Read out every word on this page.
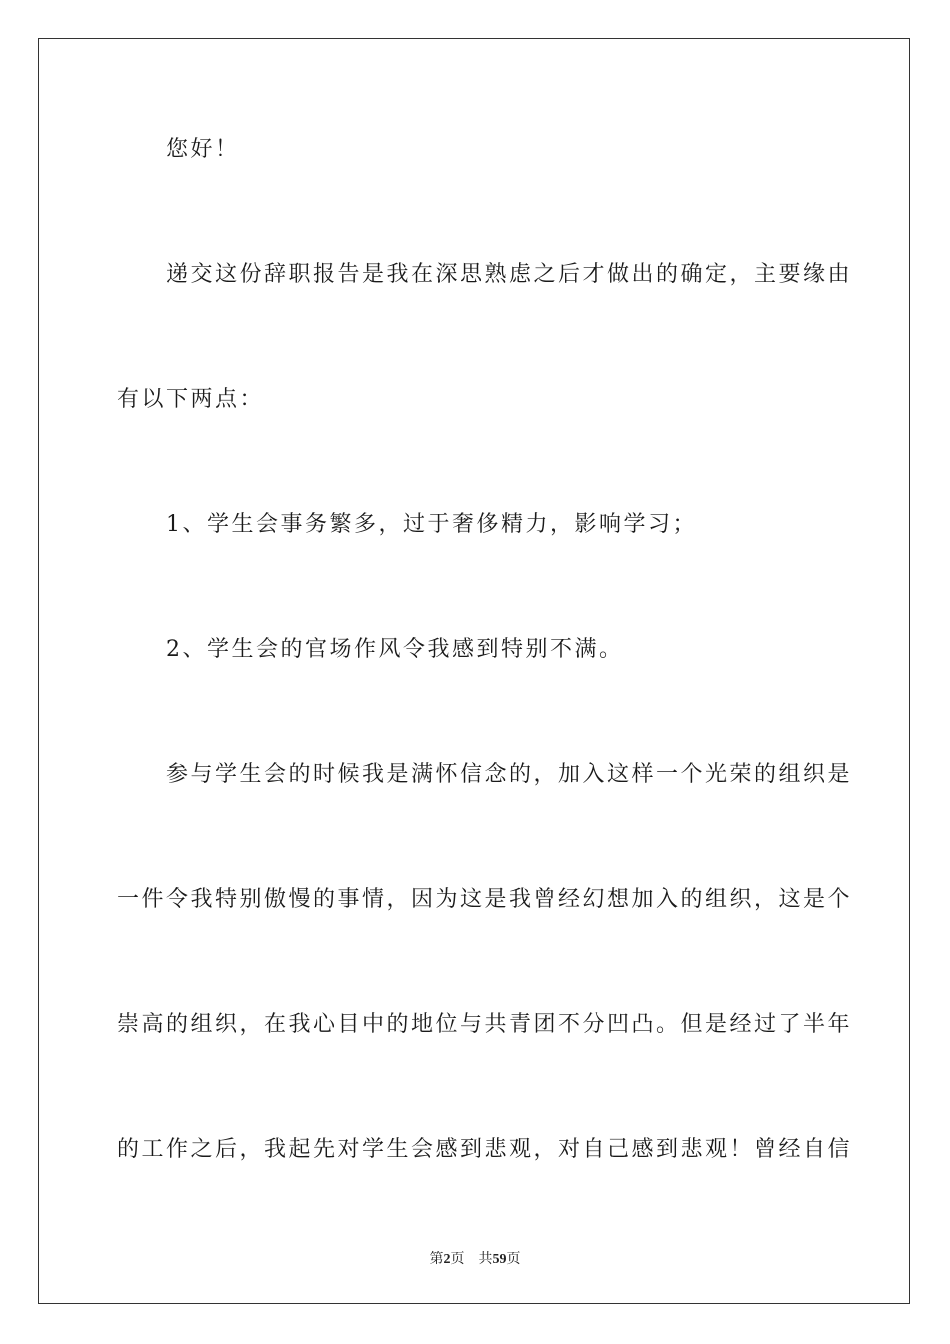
　　您好！

　　递交这份辞职报告是我在深思熟虑之后才做出的确定，主要缘由

有以下两点：

　　1、学生会事务繁多，过于奢侈精力，影响学习；

　　2、学生会的官场作风令我感到特别不满。

　　参与学生会的时候我是满怀信念的，加入这样一个光荣的组织是

一件令我特别傲慢的事情，因为这是我曾经幻想加入的组织，这是个

崇高的组织，在我心目中的地位与共青团不分凹凸。但是经过了半年

的工作之后，我起先对学生会感到悲观，对自己感到悲观！曾经自信

第2页 共59页
